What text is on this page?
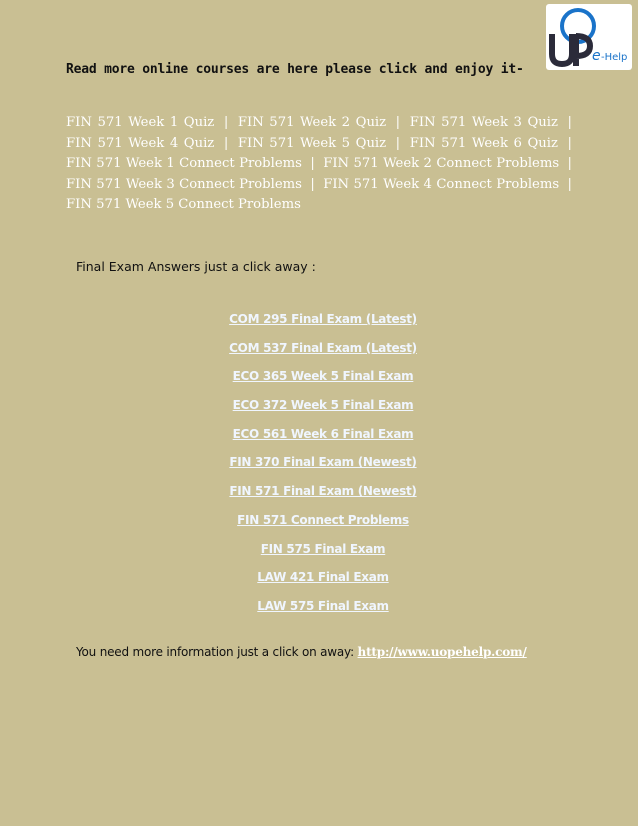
e -Help
Read more online courses are here please click and enjoy it-
FIN 571 Week 1 Quiz | FIN 571 Week 2 Quiz | FIN 571 Week 3 Quiz | FIN 571 Week 4 Quiz | FIN 571 Week 5 Quiz | FIN 571 Week 6 Quiz | FIN 571 Week 1 Connect Problems | FIN 571 Week 2 Connect Problems | FIN 571 Week 3 Connect Problems | FIN 571 Week 4 Connect Problems | FIN 571 Week 5 Connect Problems
Final Exam Answers just a click away :
COM 295 Final Exam (Latest)
COM 537 Final Exam (Latest)
ECO 365 Week 5 Final Exam
ECO 372 Week 5 Final Exam
ECO 561 Week 6 Final Exam
FIN 370 Final Exam (Newest)
FIN 571 Final Exam (Newest)
FIN 571 Connect Problems
FIN 575 Final Exam
LAW 421 Final Exam
LAW 575 Final Exam
You need more information just a click on away: http://www.uopehelp.com/
